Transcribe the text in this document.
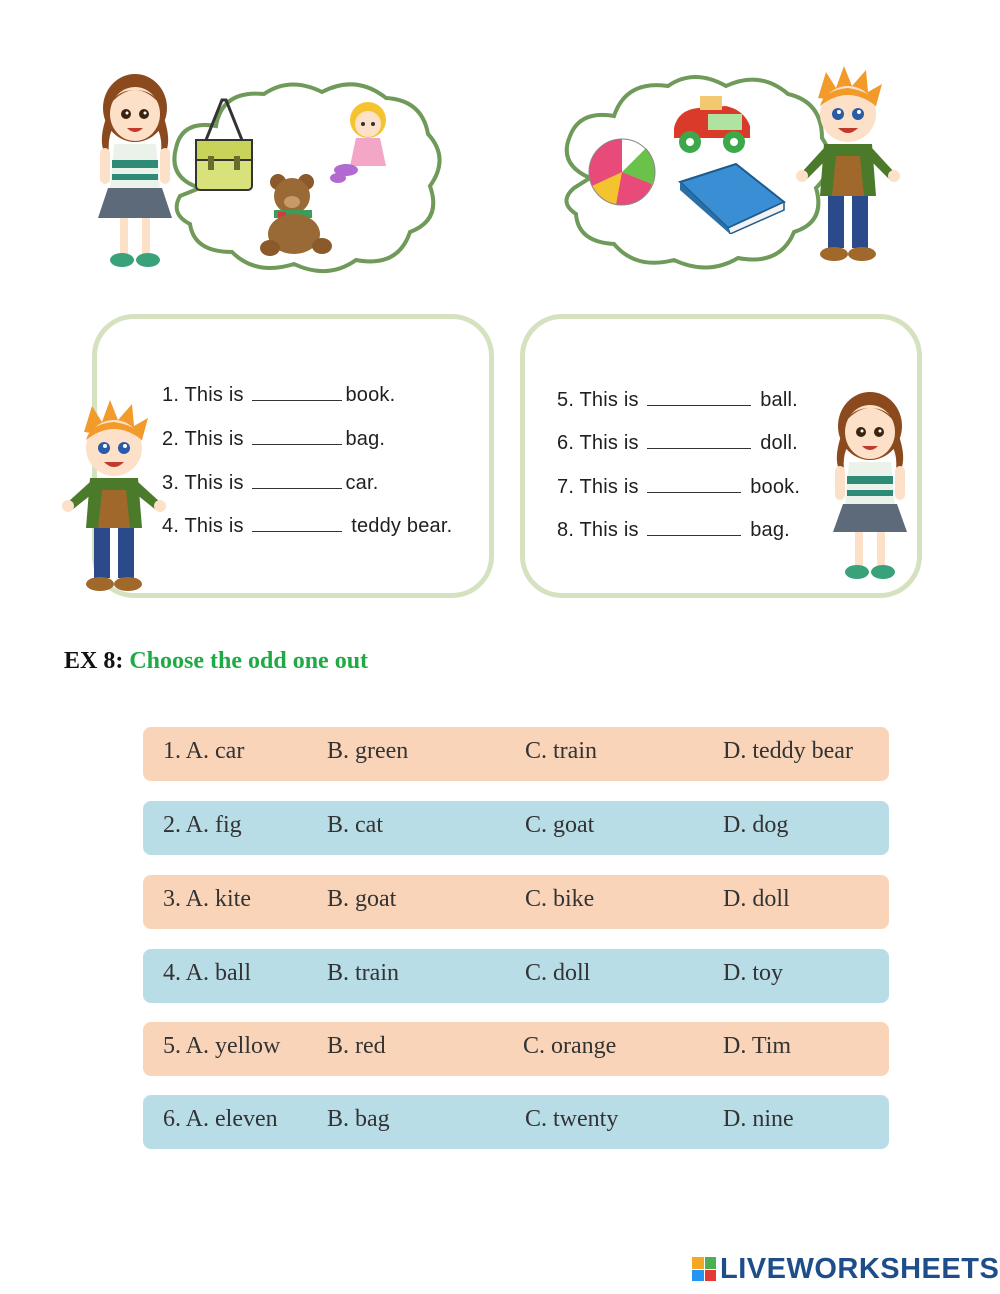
1. This is	book.
2. This is	bag.
3. This is	car.
4. This is	teddy bear.
5. This is	ball.
6. This is	doll.
7. This is	book.
8. This is	bag.
EX 8: Choose the odd one out
1. A. car	B. green	C. train	D. teddy bear
2. A. fig	B. cat	C. goat	D. dog
3. A. kite	B. goat	C. bike	D. doll
4. A. ball	B. train	C. doll	D. toy
5. A. yellow B. red	C. orange	D. Tim
6. A. eleven B. bag	C. twenty	D. nine
LIVEWORKSHEETS
